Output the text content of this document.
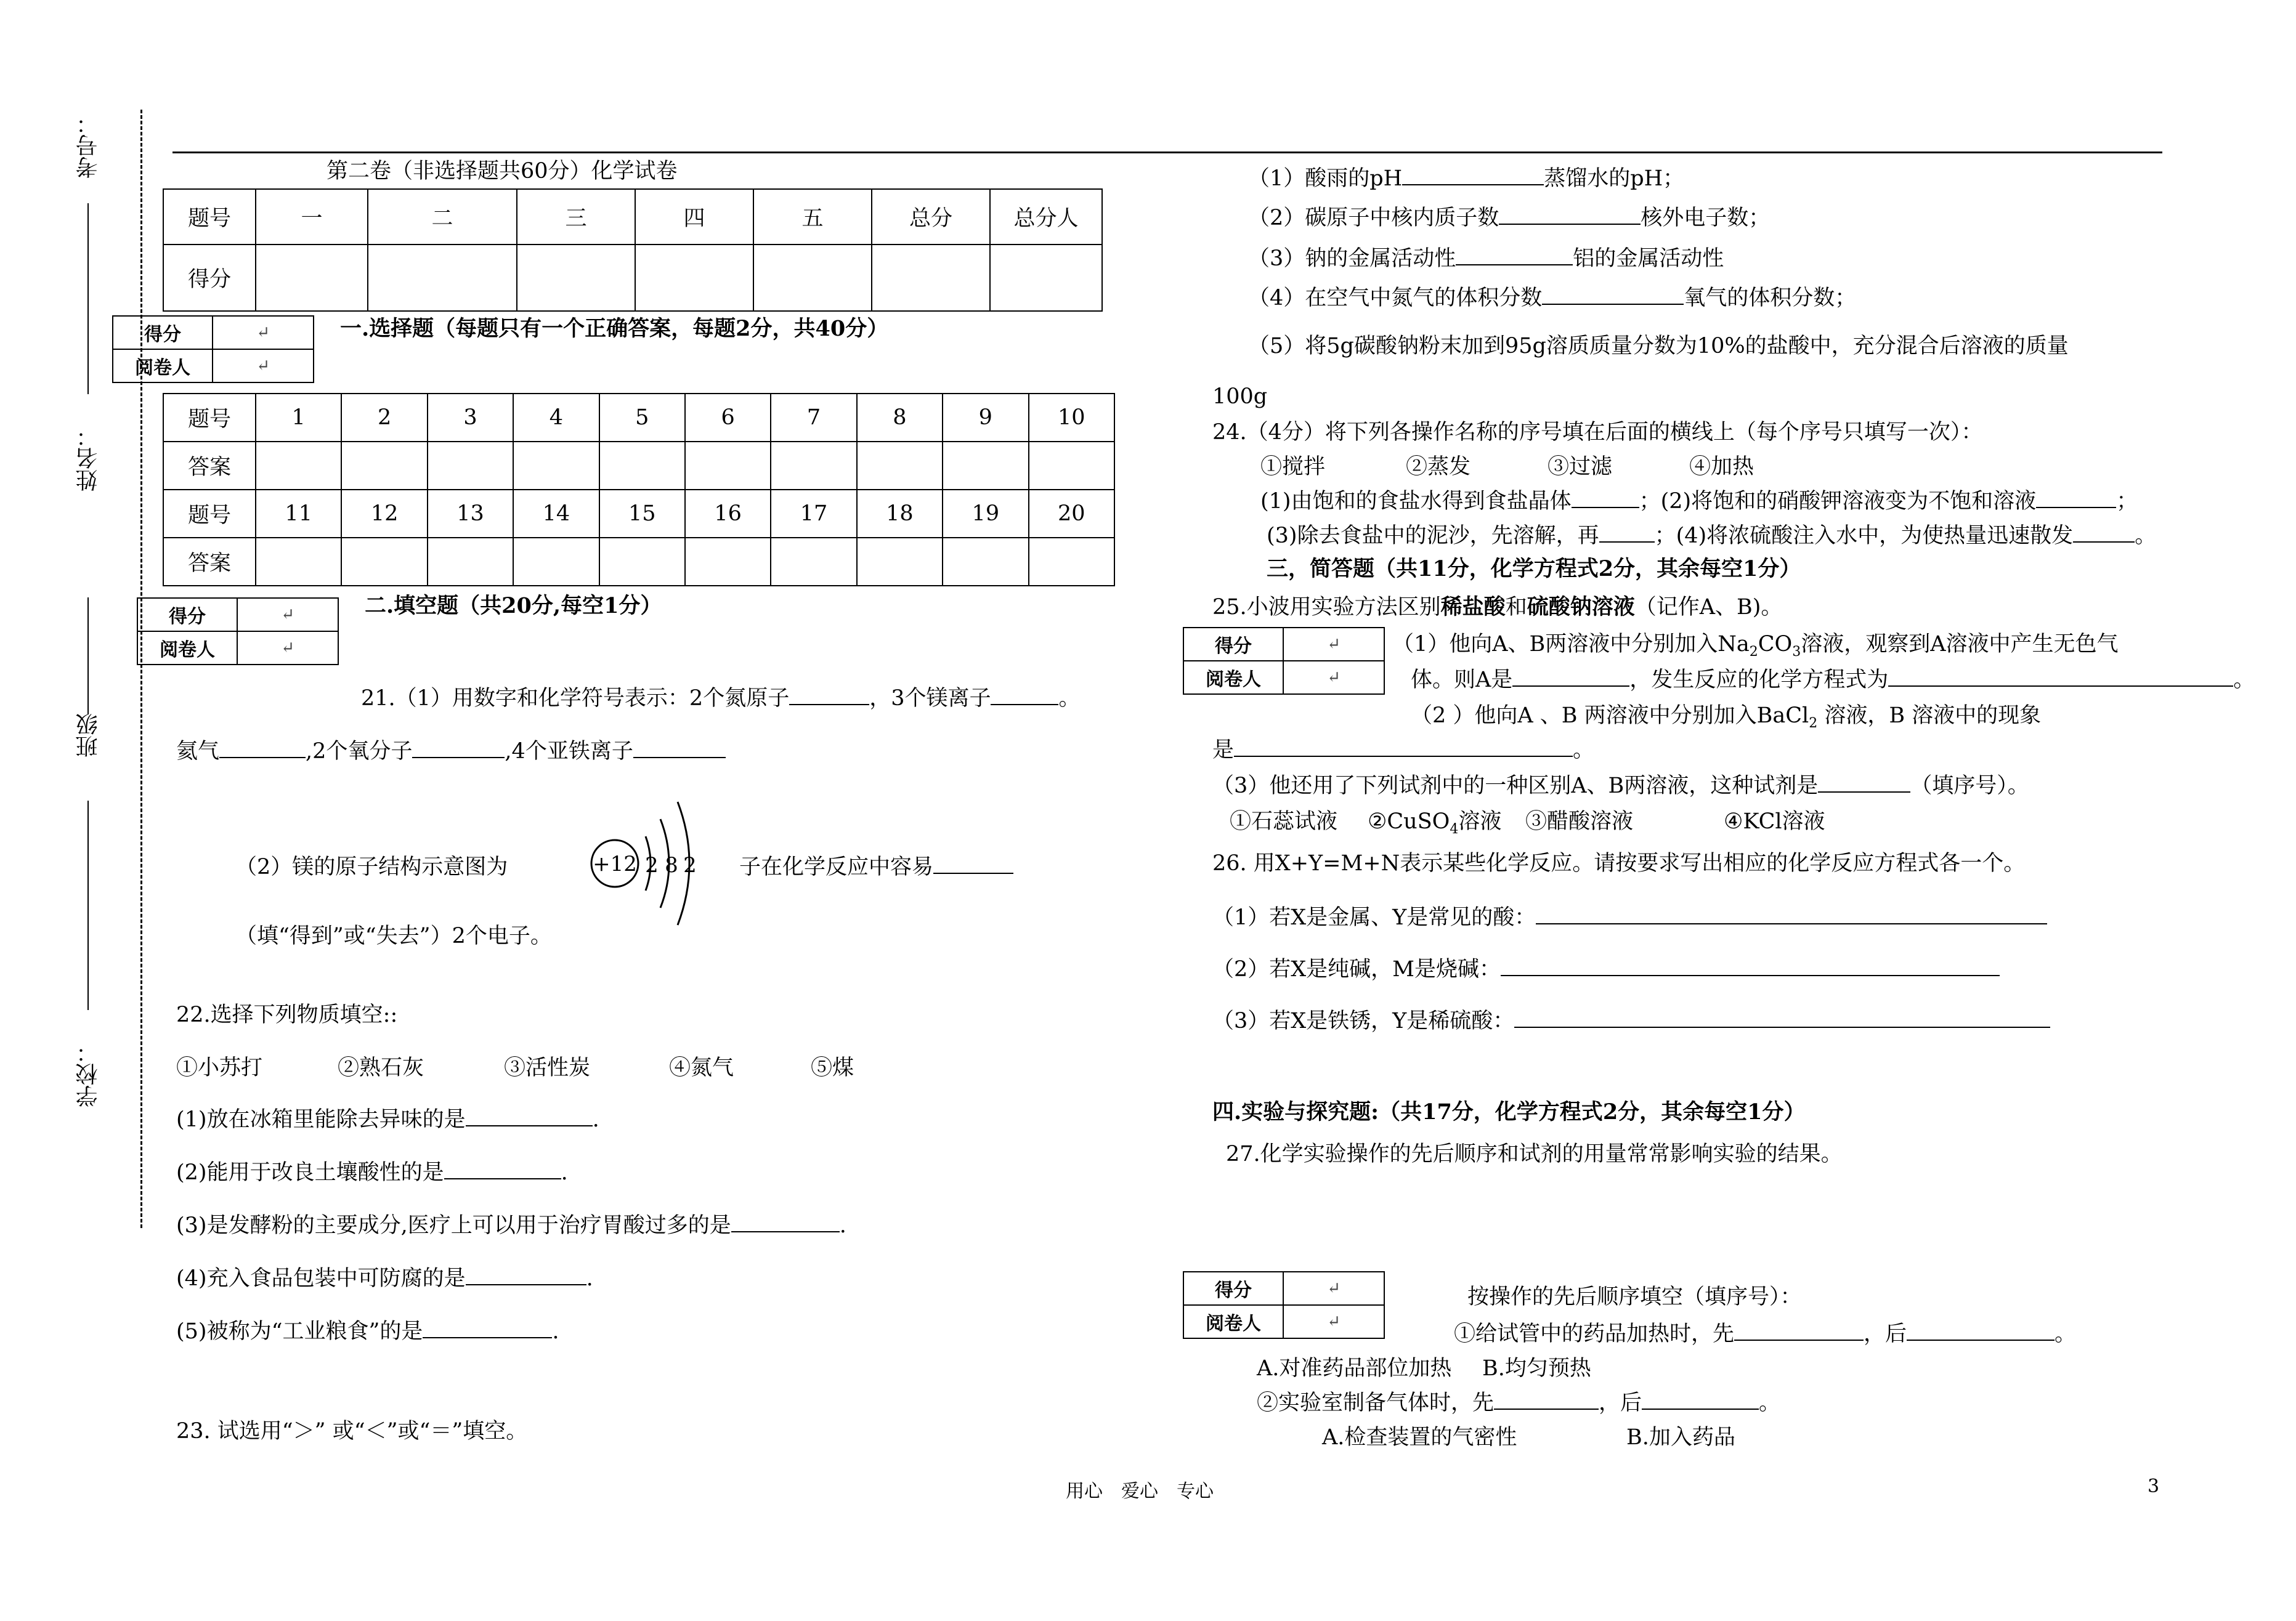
考号：
姓名：
班级
学校：
第二卷（非选择题共60分）化学试卷
题号	一	二	三	四	五	总分	总分人
得分							
得分	↵
阅卷人	↵
一.选择题（每题只有一个正确答案，每题2分，共40分）
题号	1	2	3	4	5	6	7	8	9	10
答案										
题号	11	12	13	14	15	16	17	18	19	20
答案										
得分	↵
阅卷人	↵
二.填空题（共20分,每空1分）
21.（1）用数字和化学符号表示：2个氮原子	，3个镁离子	。
氦气	,2个氧分子	,4个亚铁离子
（2）镁的原子结构示意图为	+12 2 8 2 子在化学反应中容易
（填“得到”或“失去”）2个电子。
22.选择下列物质填空::
①小苏打	②熟石灰	③活性炭	④氮气	⑤煤
(1)放在冰箱里能除去异味的是	.
(2)能用于改良土壤酸性的是	.
(3)是发酵粉的主要成分,医疗上可以用于治疗胃酸过多的是	.
(4)充入食品包装中可防腐的是	.
(5)被称为“工业粮食”的是	.
23. 试选用“＞” 或“＜”或“＝”填空。
（1）酸雨的pH	蒸馏水的pH；
（2）碳原子中核内质子数	核外电子数；
（3）钠的金属活动性	铝的金属活动性
（4）在空气中氮气的体积分数	氧气的体积分数；
（5）将5g碳酸钠粉末加到95g溶质质量分数为10%的盐酸中，充分混合后溶液的质量
100g
24.（4分）将下列各操作名称的序号填在后面的横线上（每个序号只填写一次）：
①搅拌	②蒸发	③过滤	④加热
(1)由饱和的食盐水得到食盐晶体	；(2)将饱和的硝酸钾溶液变为不饱和溶液	；
(3)除去食盐中的泥沙，先溶解，再	；(4)将浓硫酸注入水中，为使热量迅速散发	。
三，简答题（共11分，化学方程式2分，其余每空1分）
25.小波用实验方法区别稀盐酸和硫酸钠溶液（记作A、B)。
得分	↵
阅卷人	↵
（1）他向A、B两溶液中分别加入$Na_2CO_3$溶液，观察到A溶液中产生无色气
体。则A是	，发生反应的化学方程式为	。
（2 ）他向A 、B 两溶液中分别加入BaCl$_2$ 溶液，B 溶液中的现象
是	。
（3）他还用了下列试剂中的一种区别A、B两溶液，这种试剂是	（填序号）。
①石蕊试液 ②CuSO$_4$溶液 ③醋酸溶液	④KCl溶液
26. 用X+Y=M+N表示某些化学反应。请按要求写出相应的化学反应方程式各一个。
（1）若X是金属、Y是常见的酸：
（2）若X是纯碱，M是烧碱：
（3）若X是铁锈，Y是稀硫酸：
四.实验与探究题:（共17分，化学方程式2分，其余每空1分）
27.化学实验操作的先后顺序和试剂的用量常常影响实验的结果。
得分	↵
阅卷人	↵
按操作的先后顺序填空（填序号）：
①给试管中的药品加热时，先	，后	。
A.对准药品部位加热 B.均匀预热
②实验室制备气体时，先	，后	。
A.检查装置的气密性	B.加入药品
用心　爱心　专心	3
